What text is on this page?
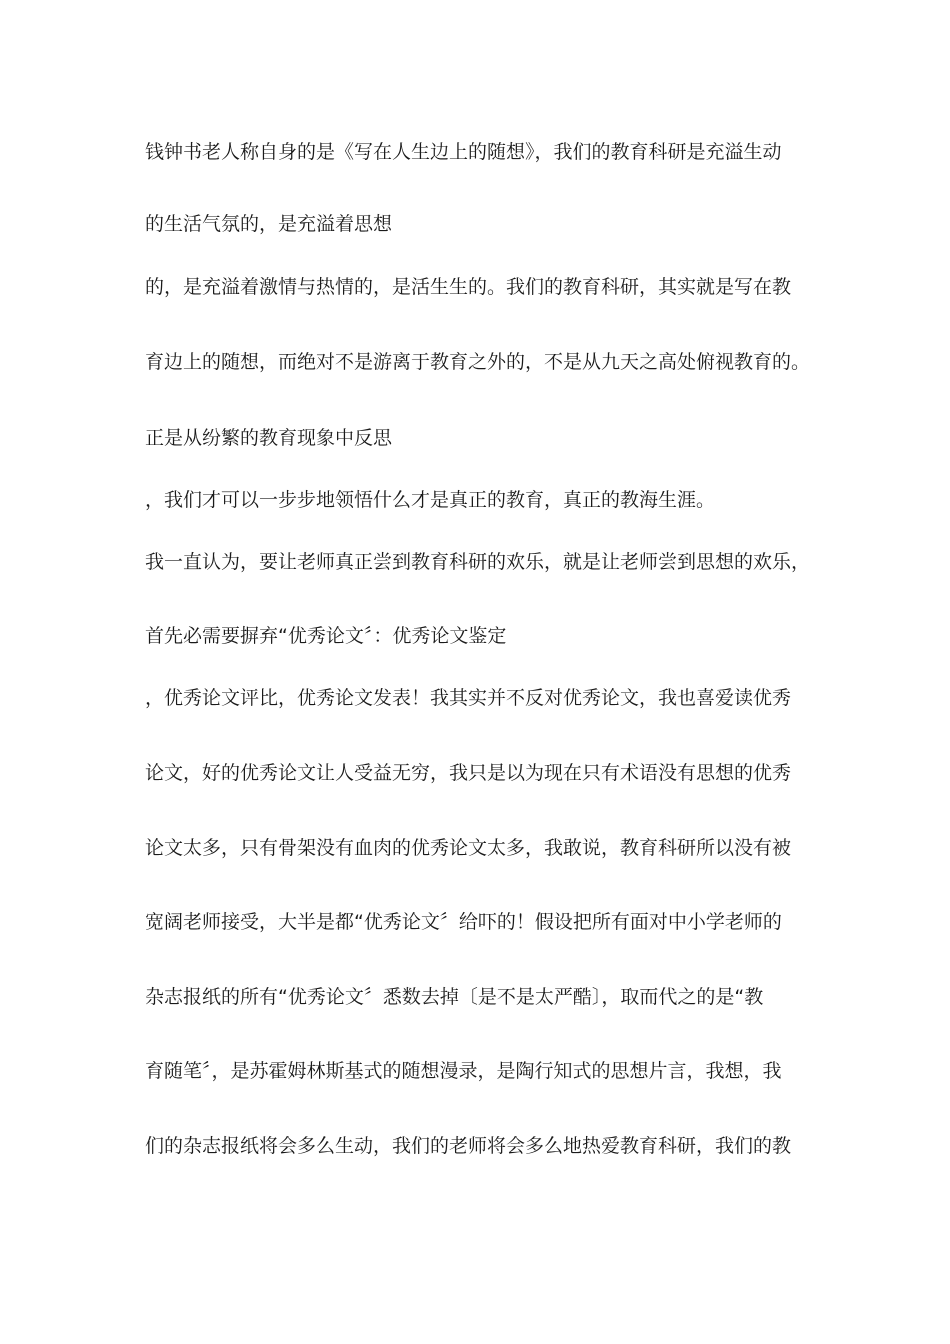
钱钟书老人称自身的是《写在人生边上的随想》，我们的教育科研是充溢生动

的生活气氛的，是充溢着思想

的，是充溢着激情与热情的，是活生生的。我们的教育科研，其实就是写在教

育边上的随想，而绝对不是游离于教育之外的，不是从九天之高处俯视教育的。

正是从纷繁的教育现象中反思

，我们才可以一步步地领悟什么才是真正的教育，真正的教海生涯。

我一直认为，要让老师真正尝到教育科研的欢乐，就是让老师尝到思想的欢乐，

首先必需要摒弃“优秀论文〞：优秀论文鉴定

，优秀论文评比，优秀论文发表！我其实并不反对优秀论文，我也喜爱读优秀

论文，好的优秀论文让人受益无穷，我只是以为现在只有术语没有思想的优秀

论文太多，只有骨架没有血肉的优秀论文太多，我敢说，教育科研所以没有被

宽阔老师接受，大半是都“优秀论文〞给吓的！假设把所有面对中小学老师的

杂志报纸的所有“优秀论文〞悉数去掉〔是不是太严酷〕，取而代之的是“教

育随笔〞，是苏霍姆林斯基式的随想漫录，是陶行知式的思想片言，我想，我

们的杂志报纸将会多么生动，我们的老师将会多么地热爱教育科研，我们的教
